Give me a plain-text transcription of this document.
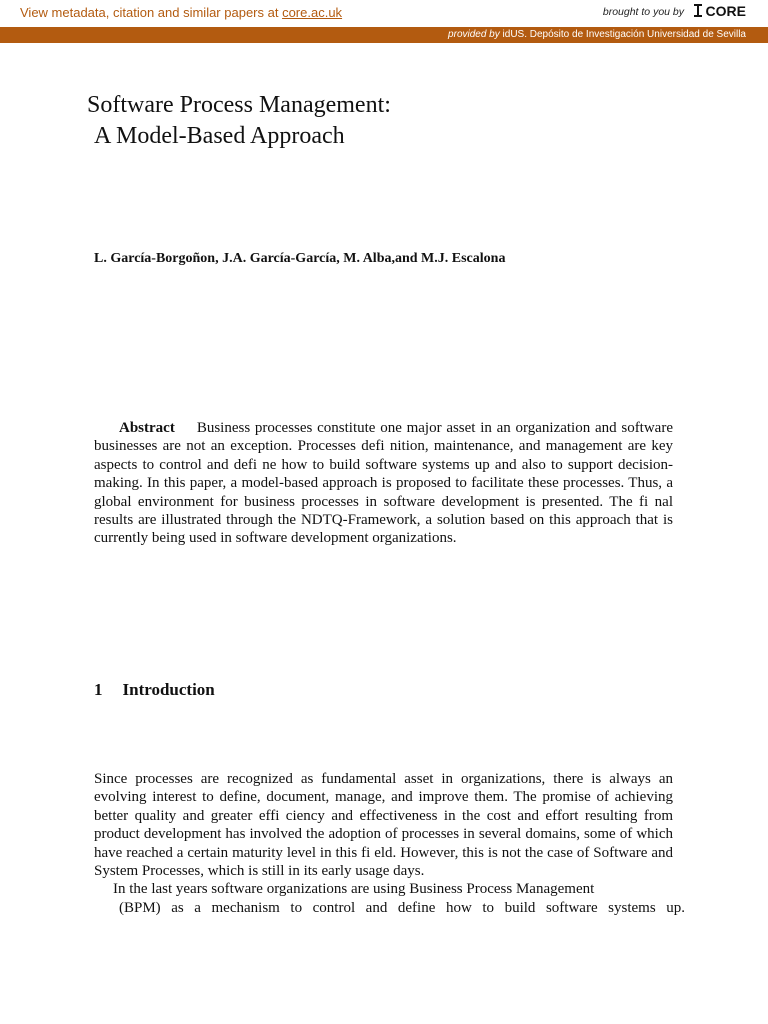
View metadata, citation and similar papers at core.ac.uk	brought to you by	CORE
provided by idUS. Depósito de Investigación Universidad de Sevilla
Software Process Management:
A Model-Based Approach
L. García-Borgoñon, J.A. García-García, M. Alba,and M.J. Escalona
Abstract Business processes constitute one major asset in an organization and software businesses are not an exception. Processes defi nition, maintenance, and management are key aspects to control and defi ne how to build software systems up and also to support decision-making. In this paper, a model-based approach is proposed to facilitate these processes. Thus, a global environment for business processes in software development is presented. The fi nal results are illustrated through the NDTQ-Framework, a solution based on this approach that is currently being used in software development organizations.
1 Introduction

Since processes are recognized as fundamental asset in organizations, there is always an evolving interest to define, document, manage, and improve them. The promise of achieving better quality and greater effi ciency and effectiveness in the cost and effort resulting from product development has involved the adoption of processes in several domains, some of which have reached a certain maturity level in this fi eld. However, this is not the case of Software and System Processes, which is still in its early usage days.

In the last years software organizations are using Business Process Management

(BPM) as a mechanism to control and define how to build software systems up.
